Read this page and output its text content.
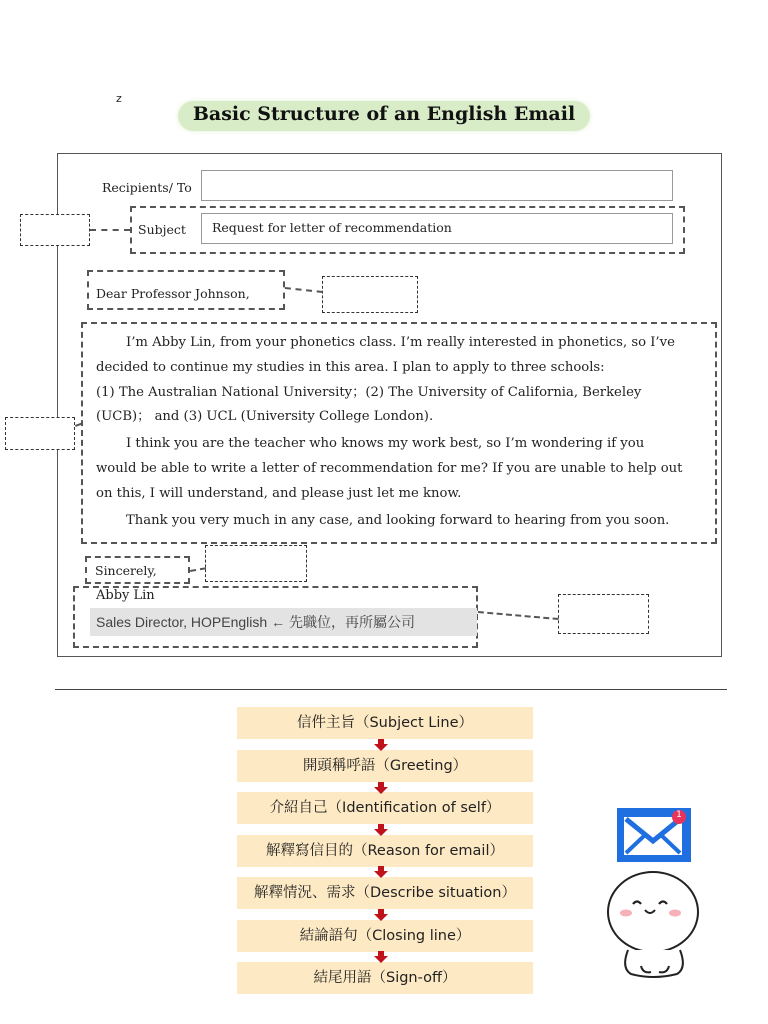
z
Basic Structure of an English Email
Recipients/ To
Subject	Request for letter of recommendation
Dear Professor Johnson,

I’m Abby Lin, from your phonetics class. I’m really interested in phonetics, so I’ve

decided to continue my studies in this area. I plan to apply to three schools:

(1) The Australian National University；(2) The University of California, Berkeley

(UCB)； and (3) UCL (University College London).

I think you are the teacher who knows my work best, so I’m wondering if you

would be able to write a letter of recommendation for me? If you are unable to help out

on this, I will understand, and please just let me know.

Thank you very much in any case, and looking forward to hearing from you soon.

Sincerely,
Abby Lin
Sales Director, HOPEnglish ← 先職位，再所屬公司
信件主旨（Subject Line）
開頭稱呼語（Greeting）
介紹自己（Identification of self）
解釋寫信目的（Reason for email）
解釋情況、需求（Describe situation）
結論語句（Closing line）
結尾用語（Sign-off）
1
